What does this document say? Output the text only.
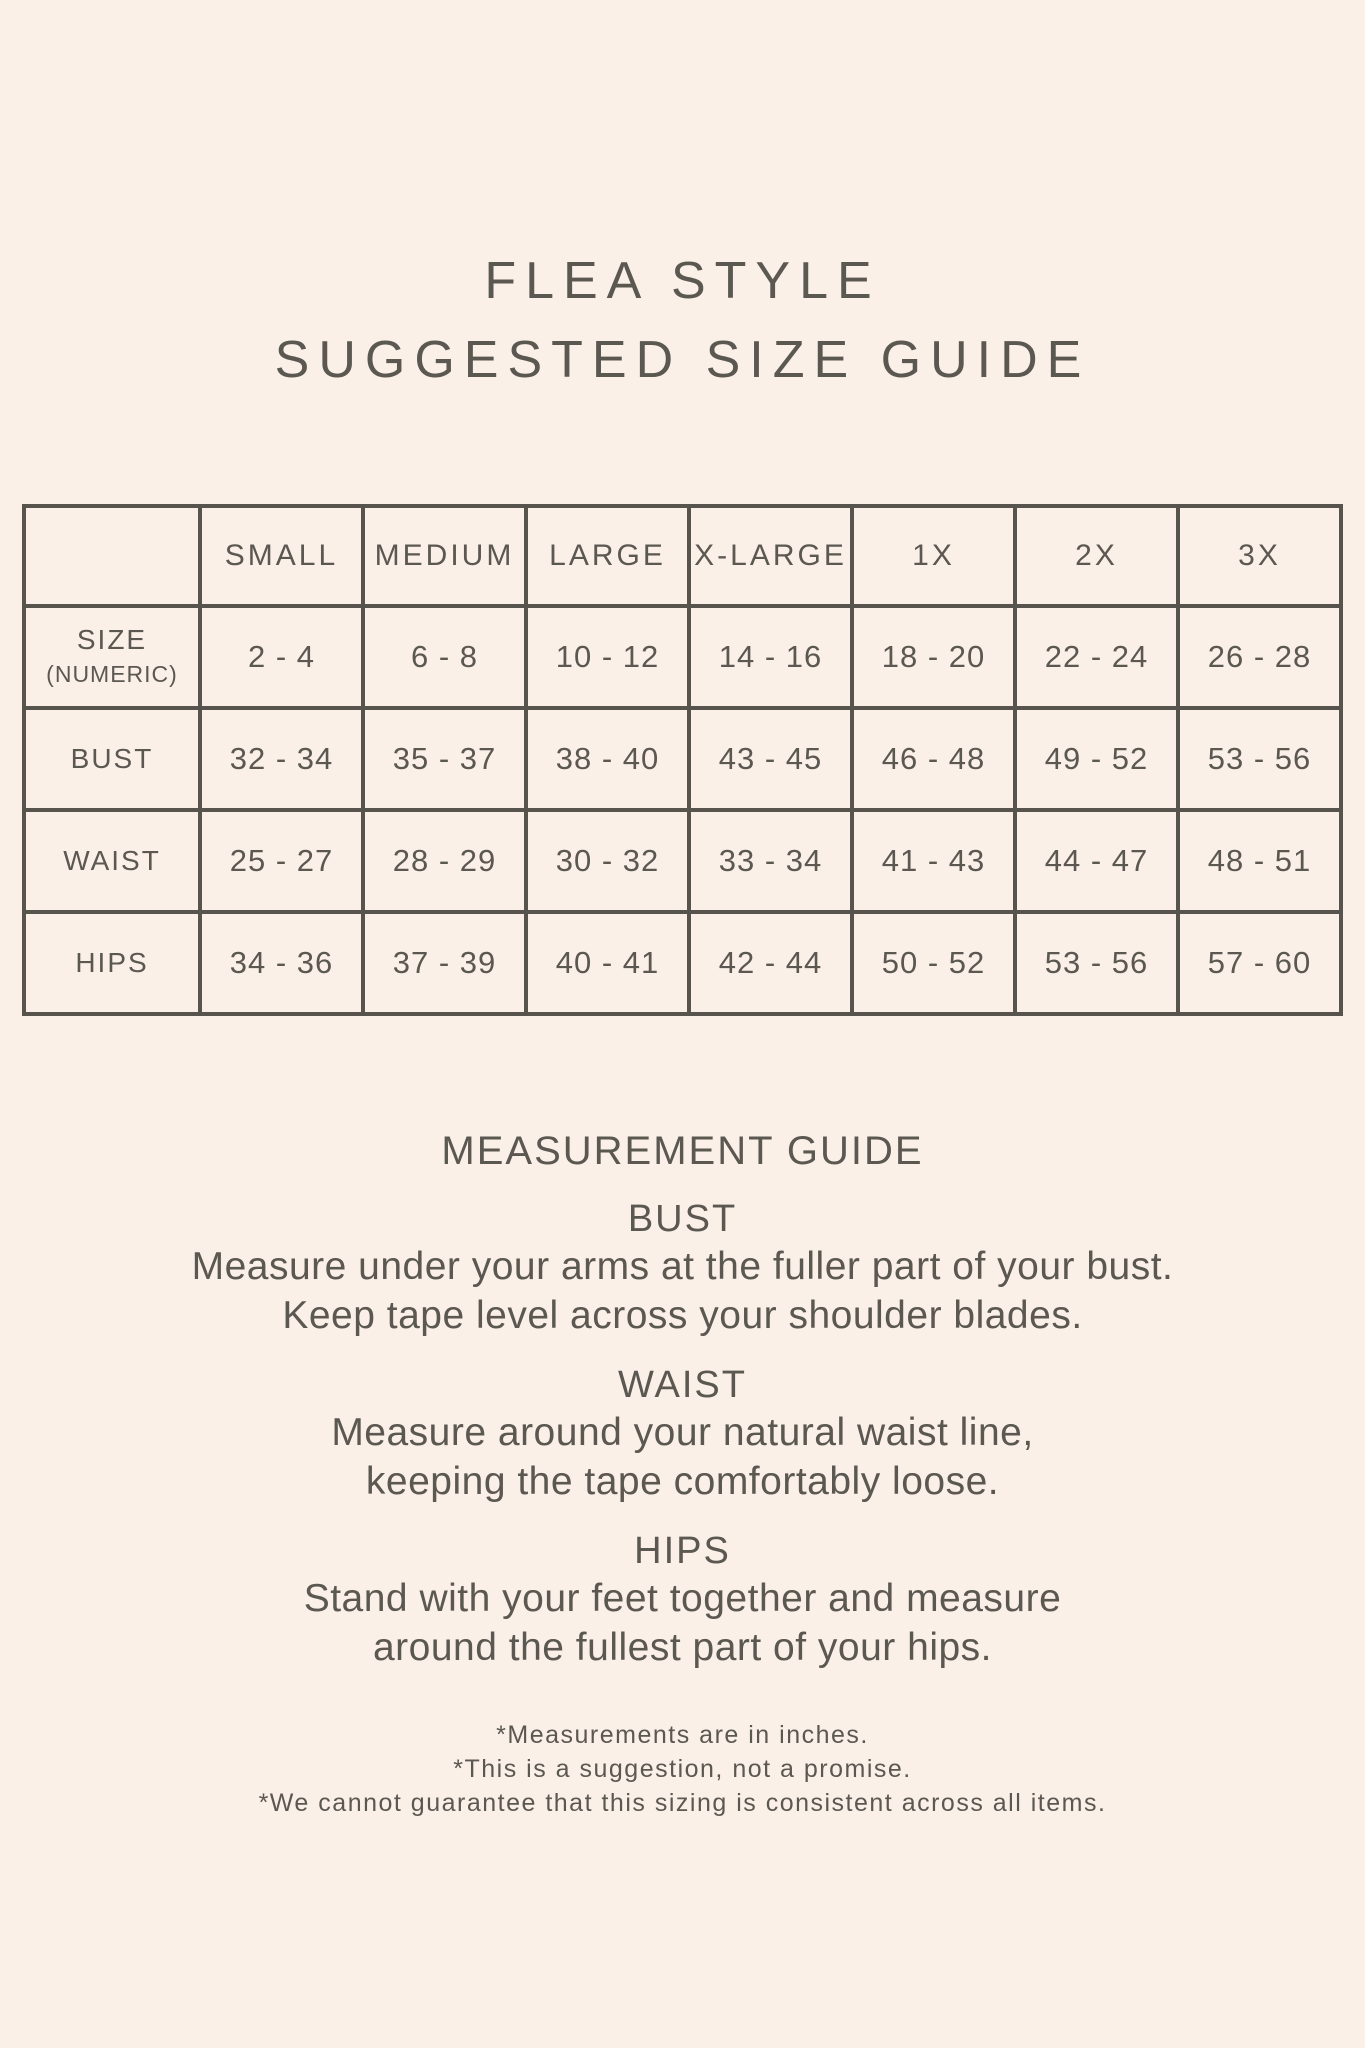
FLEA STYLE
SUGGESTED SIZE GUIDE
	SMALL	MEDIUM	LARGE	X-LARGE	1X	2X	3X
SIZE
(NUMERIC)	2 - 4	6 - 8	10 - 12	14 - 16	18 - 20	22 - 24	26 - 28
BUST	32 - 34	35 - 37	38 - 40	43 - 45	46 - 48	49 - 52	53 - 56
WAIST	25 - 27	28 - 29	30 - 32	33 - 34	41 - 43	44 - 47	48 - 51
HIPS	34 - 36	37 - 39	40 - 41	42 - 44	50 - 52	53 - 56	57 - 60
MEASUREMENT GUIDE
BUST
Measure under your arms at the fuller part of your bust.
Keep tape level across your shoulder blades.
WAIST
Measure around your natural waist line,
keeping the tape comfortably loose.
HIPS
Stand with your feet together and measure
around the fullest part of your hips.
*Measurements are in inches.
*This is a suggestion, not a promise.
*We cannot guarantee that this sizing is consistent across all items.
